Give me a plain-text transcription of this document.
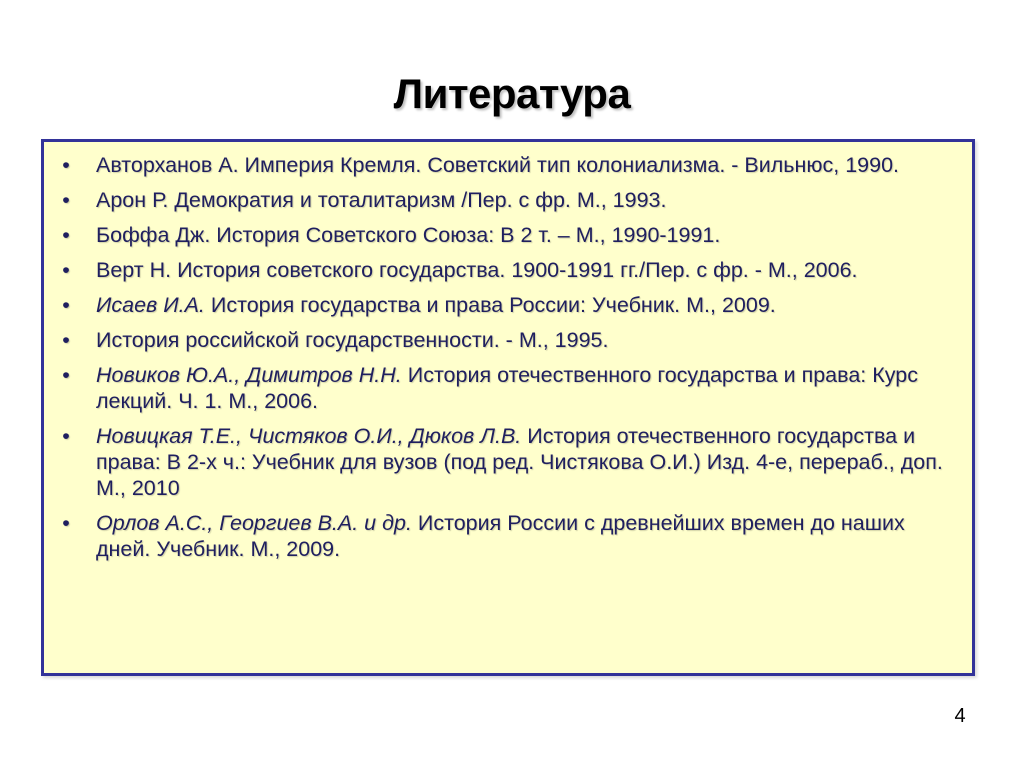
Литература
• Авторханов А. Империя Кремля. Советский тип колониализма. - Вильнюс, 1990.
• Арон Р. Демократия и тоталитаризм /Пер. с фр. М., 1993.
• Боффа Дж. История Советского Союза: В 2 т. – М., 1990-1991.
• Верт Н. История советского государства. 1900-1991 гг./Пер. с фр. - М., 2006.
• Исаев И.А. История государства и права России: Учебник. М., 2009.
• История российской государственности. - М., 1995.
• Новиков Ю.А., Димитров Н.Н. История отечественного государства и права: Курс лекций. Ч. 1. М., 2006.
• Новицкая Т.Е., Чистяков О.И., Дюков Л.В. История отечественного государства и права: В 2-х ч.: Учебник для вузов (под ред. Чистякова О.И.) Изд. 4-е, перераб., доп. М., 2010
• Орлов А.С., Георгиев В.А. и др. История России с древнейших времен до наших дней. Учебник. М., 2009.
4
